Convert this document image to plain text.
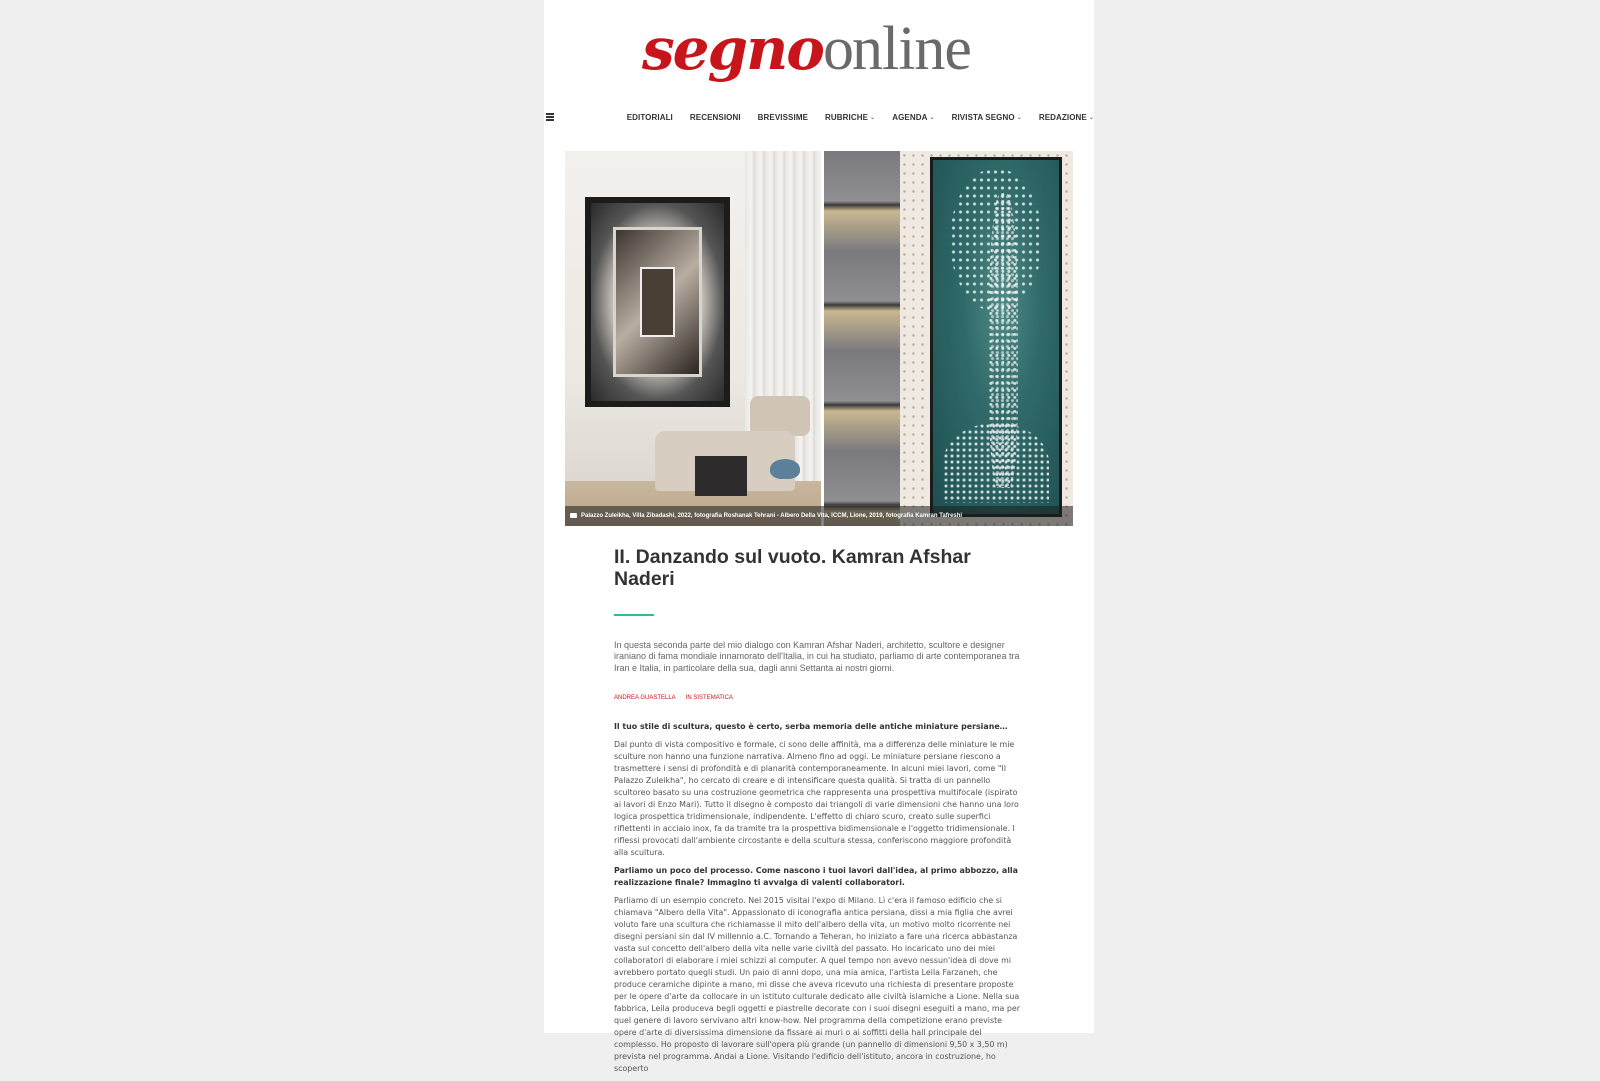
segnoonline
EDITORIALI RECENSIONI BREVISSIME RUBRICHE ⌄ AGENDA ⌄ RIVISTA SEGNO ⌄ REDAZIONE ⌄
Palazzo Zuleikha, Villa Zibadashi, 2022, fotografia Roshanak Tehrani - Albero Della Vita, ICCM, Lione, 2019, fotografia Kamran Tafreshi
II. Danzando sul vuoto. Kamran Afshar Naderi
In questa seconda parte del mio dialogo con Kamran Afshar Naderi, architetto, scultore e designer iraniano di fama mondiale innamorato dell'Italia, in cui ha studiato, parliamo di arte contemporanea tra Iran e Italia, in particolare della sua, dagli anni Settanta ai nostri giorni.
ANDREA GUASTELLA · IN SISTEMATICA

Il tuo stile di scultura, questo è certo, serba memoria delle antiche miniature persiane…

Dal punto di vista compositivo e formale, ci sono delle affinità, ma a differenza delle miniature le mie sculture non hanno una funzione narrativa. Almeno fino ad oggi. Le miniature persiane riescono a trasmettere i sensi di profondità e di planarità contemporaneamente. In alcuni miei lavori, come "Il Palazzo Zuleikha", ho cercato di creare e di intensificare questa qualità. Si tratta di un pannello scultoreo basato su una costruzione geometrica che rappresenta una prospettiva multifocale (ispirato ai lavori di Enzo Mari). Tutto il disegno è composto dai triangoli di varie dimensioni che hanno una loro logica prospettica tridimensionale, indipendente. L'effetto di chiaro scuro, creato sulle superfici riflettenti in acciaio inox, fa da tramite tra la prospettiva bidimensionale e l'oggetto tridimensionale. I riflessi provocati dall'ambiente circostante e della scultura stessa, conferiscono maggiore profondità alla scultura.

Parliamo un poco del processo. Come nascono i tuoi lavori dall'idea, al primo abbozzo, alla realizzazione finale? Immagino ti avvalga di valenti collaboratori.

Parliamo di un esempio concreto. Nel 2015 visitai l'expo di Milano. Lì c'era il famoso edificio che si chiamava "Albero della Vita". Appassionato di iconografia antica persiana, dissi a mia figlia che avrei voluto fare una scultura che richiamasse il mito dell'albero della vita, un motivo molto ricorrente nei disegni persiani sin dal IV millennio a.C. Tornando a Teheran, ho iniziato a fare una ricerca abbastanza vasta sul concetto dell'albero della vita nelle varie civiltà del passato. Ho incaricato uno dei miei collaboratori di elaborare i miei schizzi al computer. A quel tempo non avevo nessun'idea di dove mi avrebbero portato quegli studi. Un paio di anni dopo, una mia amica, l'artista Leila Farzaneh, che produce ceramiche dipinte a mano, mi disse che aveva ricevuto una richiesta di presentare proposte per le opere d'arte da collocare in un istituto culturale dedicato alle civiltà islamiche a Lione. Nella sua fabbrica, Leila produceva begli oggetti e piastrelle decorate con i suoi disegni eseguiti a mano, ma per quel genere di lavoro servivano altri know-how. Nel programma della competizione erano previste opere d'arte di diversissima dimensione da fissare ai muri o ai soffitti della hall principale del complesso. Ho proposto di lavorare sull'opera più grande (un pannello di dimensioni 9,50 x 3,50 m) prevista nel programma. Andai a Lione. Visitando l'edificio dell'istituto, ancora in costruzione, ho scoperto
